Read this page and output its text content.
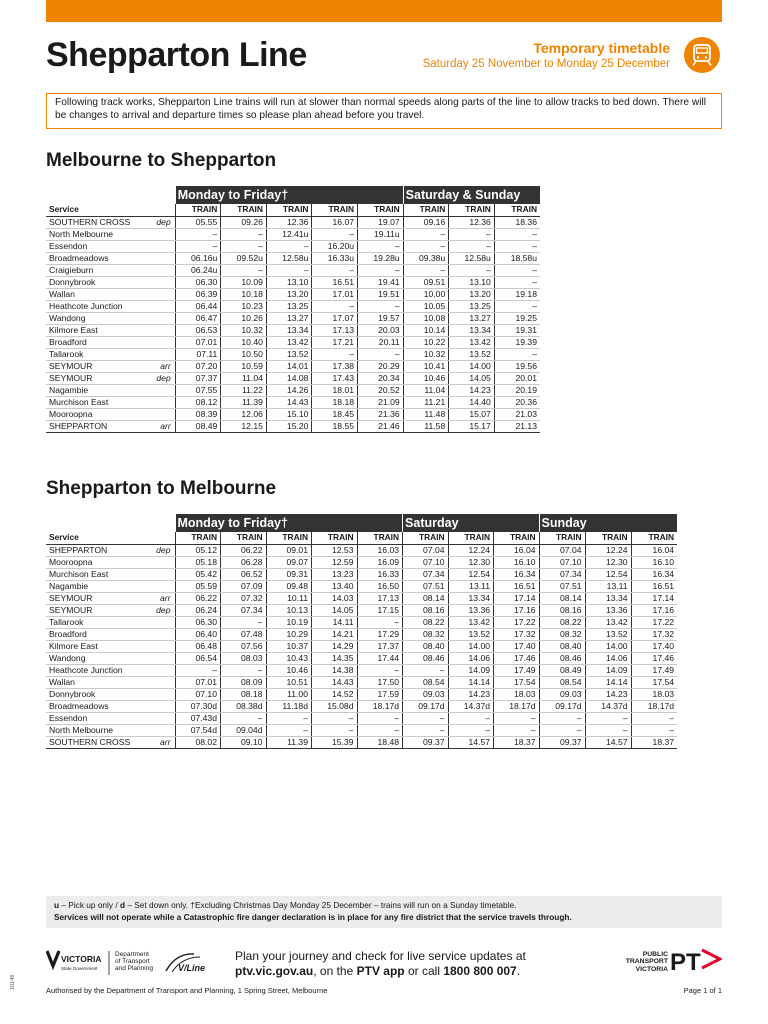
Shepparton Line	Temporary timetable
Saturday 25 November to Monday 25 December
Following track works, Shepparton Line trains will run at slower than normal speeds along parts of the line to allow tracks to bed down. There will be changes to arrival and departure times so please plan ahead before you travel.
Melbourne to Shepparton
	Monday to Friday†					Saturday & Sunday		
Service	TRAIN	TRAIN	TRAIN	TRAIN	TRAIN	TRAIN	TRAIN	TRAIN
SOUTHERN CROSS dep	05.55	09.26	12.36	16.07	19.07	09.16	12.36	18.36
North Melbourne	–	–	12.41u	–	19.11u	–	–	–
Essendon	–	–	–	16.20u	–	–	–	–
Broadmeadows	06.16u	09.52u	12.58u	16.33u	19.28u	09.38u	12.58u	18.58u
Craigieburn	06.24u	–	–	–	–	–	–	–
Donnybrook	06.30	10.09	13.10	16.51	19.41	09.51	13.10	–
Wallan	06.39	10.18	13.20	17.01	19.51	10.00	13.20	19.18
Heathcote Junction	06.44	10.23	13.25	–	–	10.05	13.25	–
Wandong	06.47	10.26	13.27	17.07	19.57	10.08	13.27	19.25
Kilmore East	06.53	10.32	13.34	17.13	20.03	10.14	13.34	19.31
Broadford	07.01	10.40	13.42	17.21	20.11	10.22	13.42	19.39
Tallarook	07.11	10.50	13.52	–	–	10.32	13.52	–
SEYMOUR arr	07.20	10.59	14.01	17.38	20.29	10.41	14.00	19.56
SEYMOUR dep	07.37	11.04	14.08	17.43	20.34	10.46	14.05	20.01
Nagambie	07.55	11.22	14.26	18.01	20.52	11.04	14.23	20.19
Murchison East	08.12	11.39	14.43	18.18	21.09	11.21	14.40	20.36
Mooroopna	08.39	12.06	15.10	18.45	21.36	11.48	15.07	21.03
SHEPPARTON arr	08.49	12.15	15.20	18.55	21.46	11.58	15.17	21.13
Shepparton to Melbourne
	Monday to Friday†					Saturday			Sunday		
Service	TRAIN	TRAIN	TRAIN	TRAIN	TRAIN	TRAIN	TRAIN	TRAIN	TRAIN	TRAIN	TRAIN
SHEPPARTON dep	05.12	06.22	09.01	12.53	16.03	07.04	12.24	16.04	07.04	12.24	16.04
Mooroopna	05.18	06.28	09.07	12.59	16.09	07.10	12.30	16.10	07.10	12.30	16.10
Murchison East	05.42	06.52	09.31	13.23	16.33	07.34	12.54	16.34	07.34	12.54	16.34
Nagambie	05.59	07.09	09.48	13.40	16.50	07.51	13.11	16.51	07.51	13.11	16.51
SEYMOUR arr	06.22	07.32	10.11	14.03	17.13	08.14	13.34	17.14	08.14	13.34	17.14
SEYMOUR dep	06.24	07.34	10.13	14.05	17.15	08.16	13.36	17.16	08.16	13.36	17.16
Tallarook	06.30	–	10.19	14.11	–	08.22	13.42	17.22	08.22	13.42	17.22
Broadford	06.40	07.48	10.29	14.21	17.29	08.32	13.52	17.32	08.32	13.52	17.32
Kilmore East	06.48	07.56	10.37	14.29	17.37	08.40	14.00	17.40	08.40	14.00	17.40
Wandong	06.54	08.03	10.43	14.35	17.44	08.46	14.06	17.46	08.46	14.06	17.46
Heathcote Junction	–	–	10.46	14.38	–	–	14.09	17.49	08.49	14.09	17.49
Wallan	07.01	08.09	10.51	14.43	17.50	08.54	14.14	17.54	08.54	14.14	17.54
Donnybrook	07.10	08.18	11.00	14.52	17.59	09.03	14.23	18.03	09.03	14.23	18.03
Broadmeadows	07.30d	08.38d	11.18d	15.08d	18.17d	09.17d	14.37d	18.17d	09.17d	14.37d	18.17d
Essendon	07.43d	–	–	–	–	–	–	–	–	–	–
North Melbourne	07.54d	09.04d	–	–	–	–	–	–	–	–	–
SOUTHERN CROSS arr	08.02	09.10	11.39	15.39	18.48	09.37	14.57	18.37	09.37	14.57	18.37
u – Pick up only / d – Set down only. †Excluding Christmas Day Monday 25 December – trains will run on a Sunday timetable.
Services will not operate while a Catastrophic fire danger declaration is in place for any fire district that the service travels through.
VICTORIA
State Government
Department
of Transport
and Planning	V/Line
Plan your journey and check for live service updates at
ptv.vic.gov.au, on the PTV app or call 1800 800 007.
PUBLIC
TRANSPORT
VICTORIA PT
Authorised by the Department of Transport and Planning, 1 Spring Street, Melbourne	Page 1 of 1
10146
